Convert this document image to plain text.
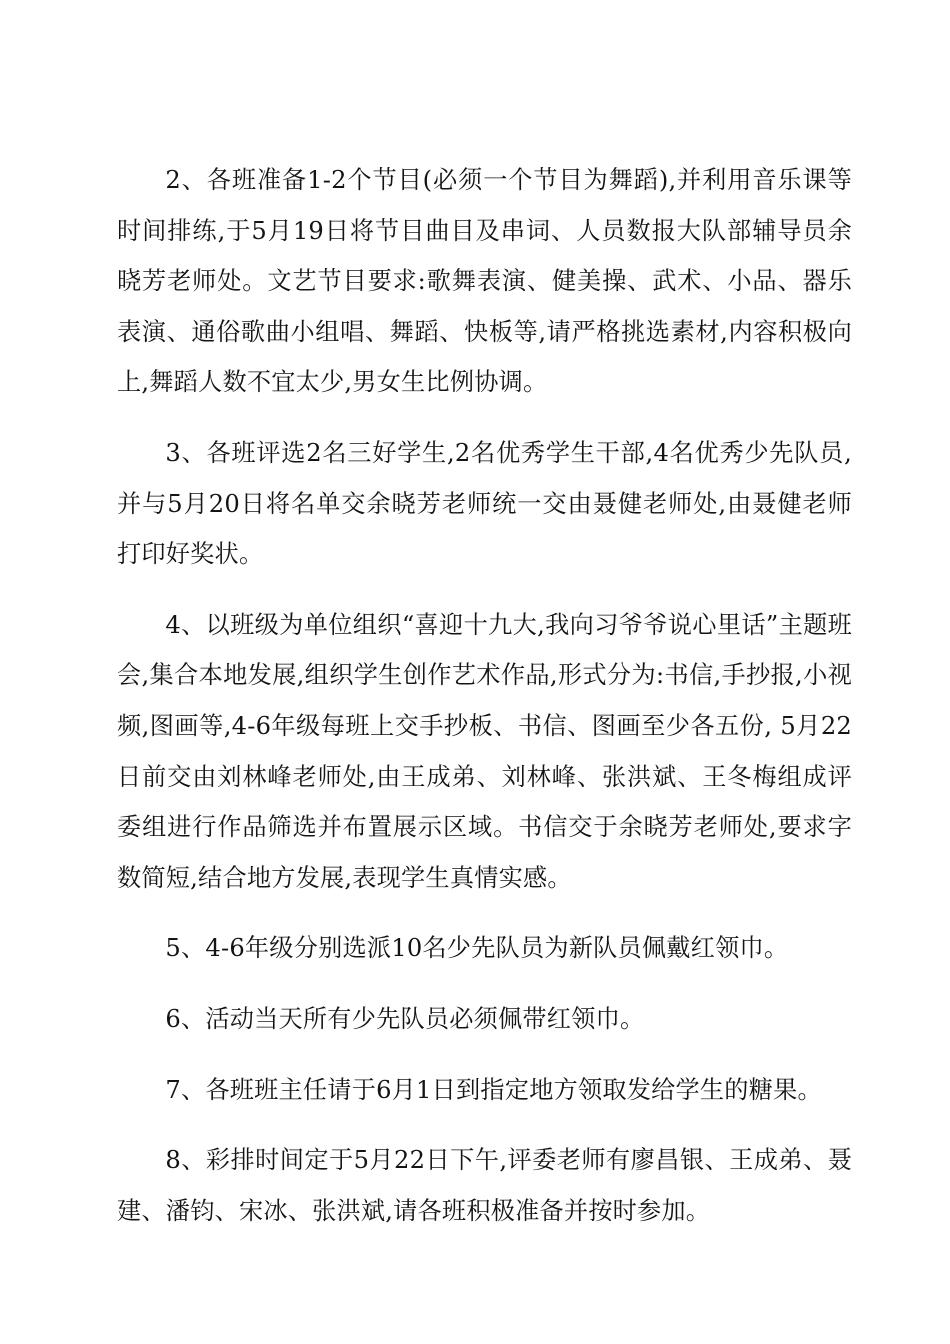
2、各班准备1-2个节目(必须一个节目为舞蹈),并利用音乐课等时间排练,于5月19日将节目曲目及串词、人员数报大队部辅导员余晓芳老师处。文艺节目要求:歌舞表演、健美操、武术、小品、器乐表演、通俗歌曲小组唱、舞蹈、快板等,请严格挑选素材,内容积极向上,舞蹈人数不宜太少,男女生比例协调。

3、各班评选2名三好学生,2名优秀学生干部,4名优秀少先队员,并与5月20日将名单交余晓芳老师统一交由聂健老师处,由聂健老师打印好奖状。

4、以班级为单位组织“喜迎十九大,我向习爷爷说心里话”主题班会,集合本地发展,组织学生创作艺术作品,形式分为:书信,手抄报,小视频,图画等,4-6年级每班上交手抄板、书信、图画至少各五份, 5月22日前交由刘林峰老师处,由王成弟、刘林峰、张洪斌、王冬梅组成评委组进行作品筛选并布置展示区域。书信交于余晓芳老师处,要求字数简短,结合地方发展,表现学生真情实感。

5、4-6年级分别选派10名少先队员为新队员佩戴红领巾。

6、活动当天所有少先队员必须佩带红领巾。

7、各班班主任请于6月1日到指定地方领取发给学生的糖果。

8、彩排时间定于5月22日下午,评委老师有廖昌银、王成弟、聂建、潘钧、宋冰、张洪斌,请各班积极准备并按时参加。
